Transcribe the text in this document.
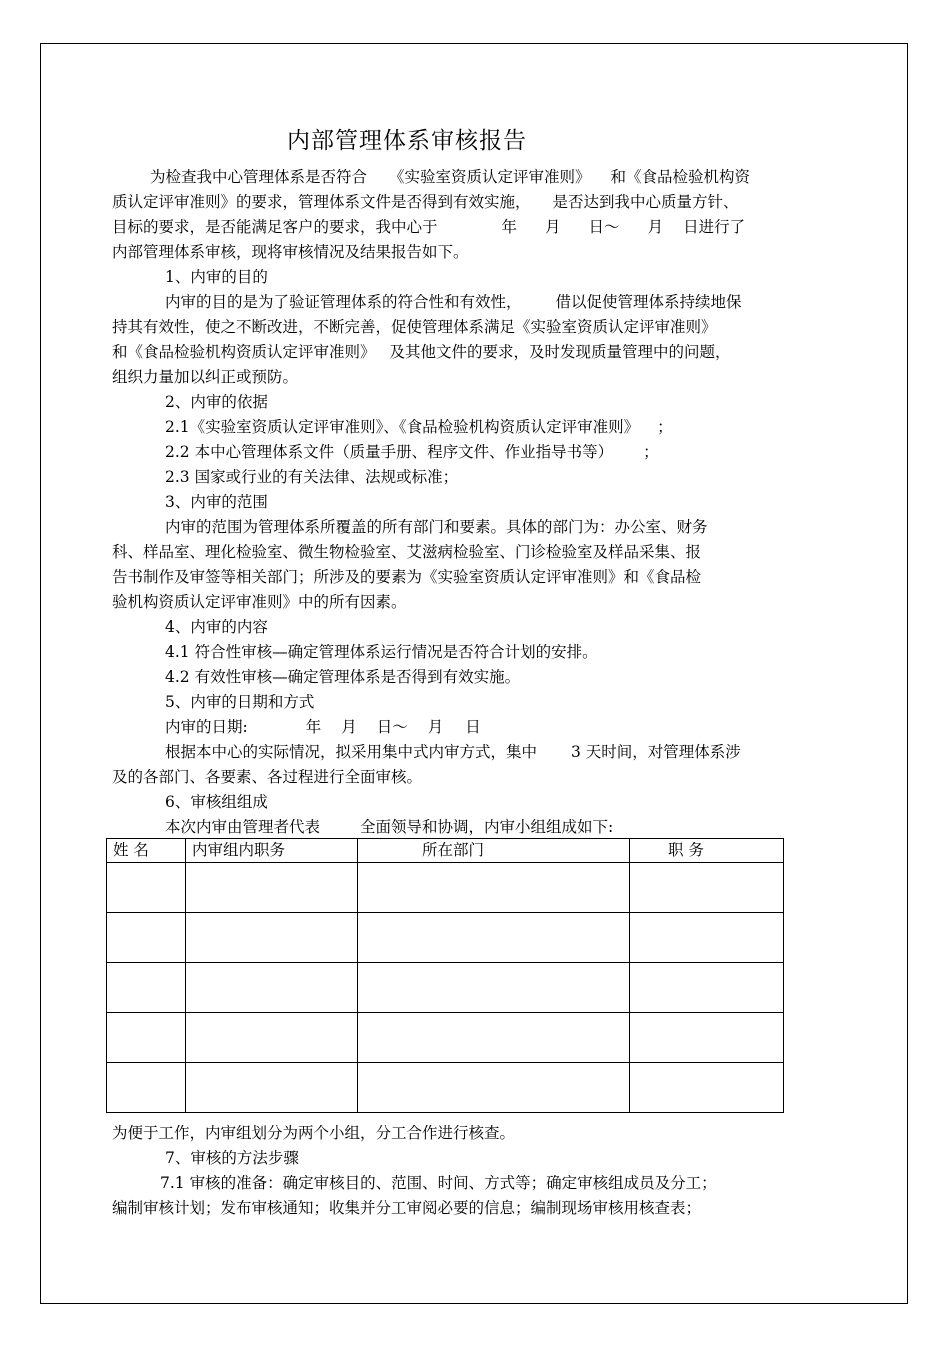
内部管理体系审核报告
为检查我中心管理体系是否符合 《实验室资质认定评审准则》 和《食品检验机构资
质认定评审准则》的要求，管理体系文件是否得到有效实施， 是否达到我中心质量方针、
目标的要求，是否能满足客户的要求，我中心于	年 月 日～ 月 日进行了
内部管理体系审核，现将审核情况及结果报告如下。
1、内审的目的
内审的目的是为了验证管理体系的符合性和有效性， 借以促使管理体系持续地保
持其有效性，使之不断改进，不断完善，促使管理体系满足《实验室资质认定评审准则》
和《食品检验机构资质认定评审准则》 及其他文件的要求，及时发现质量管理中的问题，
组织力量加以纠正或预防。
2、内审的依据
2.1《实验室资质认定评审准则》、《食品检验机构资质认定评审准则》 ；
2.2 本中心管理体系文件（质量手册、程序文件、作业指导书等） ；
2.3 国家或行业的有关法律、法规或标准；
3、内审的范围
内审的范围为管理体系所覆盖的所有部门和要素。具体的部门为：办公室、财务
科、样品室、理化检验室、微生物检验室、艾滋病检验室、门诊检验室及样品采集、报
告书制作及审签等相关部门；所涉及的要素为《实验室资质认定评审准则》和《食品检
验机构资质认定评审准则》中的所有因素。
4、内审的内容
4.1 符合性审核—确定管理体系运行情况是否符合计划的安排。
4.2 有效性审核—确定管理体系是否得到有效实施。
5、内审的日期和方式
内审的日期:	年 月 日～ 月 日
根据本中心的实际情况，拟采用集中式内审方式，集中 3 天时间，对管理体系涉
及的各部门、各要素、各过程进行全面审核。
6、审核组组成
本次内审由管理者代表	全面领导和协调，内审小组组成如下:
姓 名	内审组内职务	所在部门	职 务

为便于工作，内审组划分为两个小组，分工合作进行核查。
7、审核的方法步骤
7.1 审核的准备：确定审核目的、范围、时间、方式等；确定审核组成员及分工；
编制审核计划；发布审核通知；收集并分工审阅必要的信息；编制现场审核用核查表；
